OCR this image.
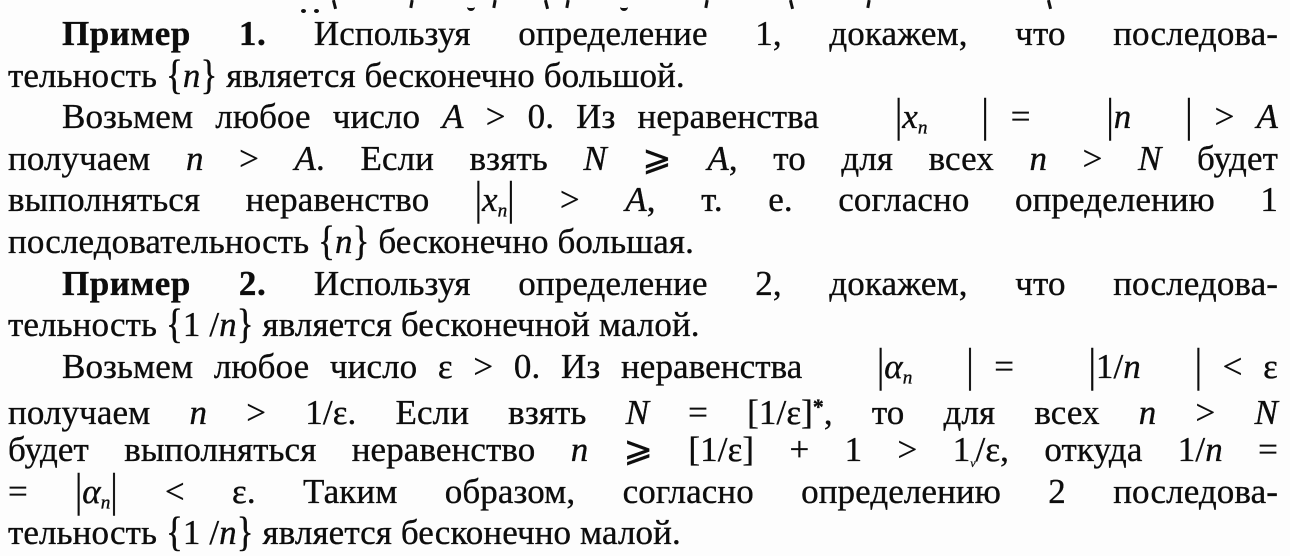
Пример 1. Используя определение 1, докажем, что последова-
тельность {n} является бесконечно большой.
Возьмем любое число A > 0. Из неравенства |xn | = |n | > A
получаем n > A. Если взять N ⩾ A, то для всех n > N будет
выполняться неравенство |xn| > A, т. е. согласно определению 1
последовательность {n} бесконечно большая.
Пример 2. Используя определение 2, докажем, что последова-
тельность {1 /n} является бесконечной малой.
Возьмем любое число ε > 0. Из неравенства |αn | = |1/n | < ε
получаем n > 1/ε. Если взять N = [1/ε]*, то для всех n > N
будет выполняться неравенство n ⩾ [1/ε] + 1 > 1v/ε, откуда 1/n =
= |αn| < ε. Таким образом, согласно определению 2 последова-
тельность {1 /n} является бесконечно малой.
